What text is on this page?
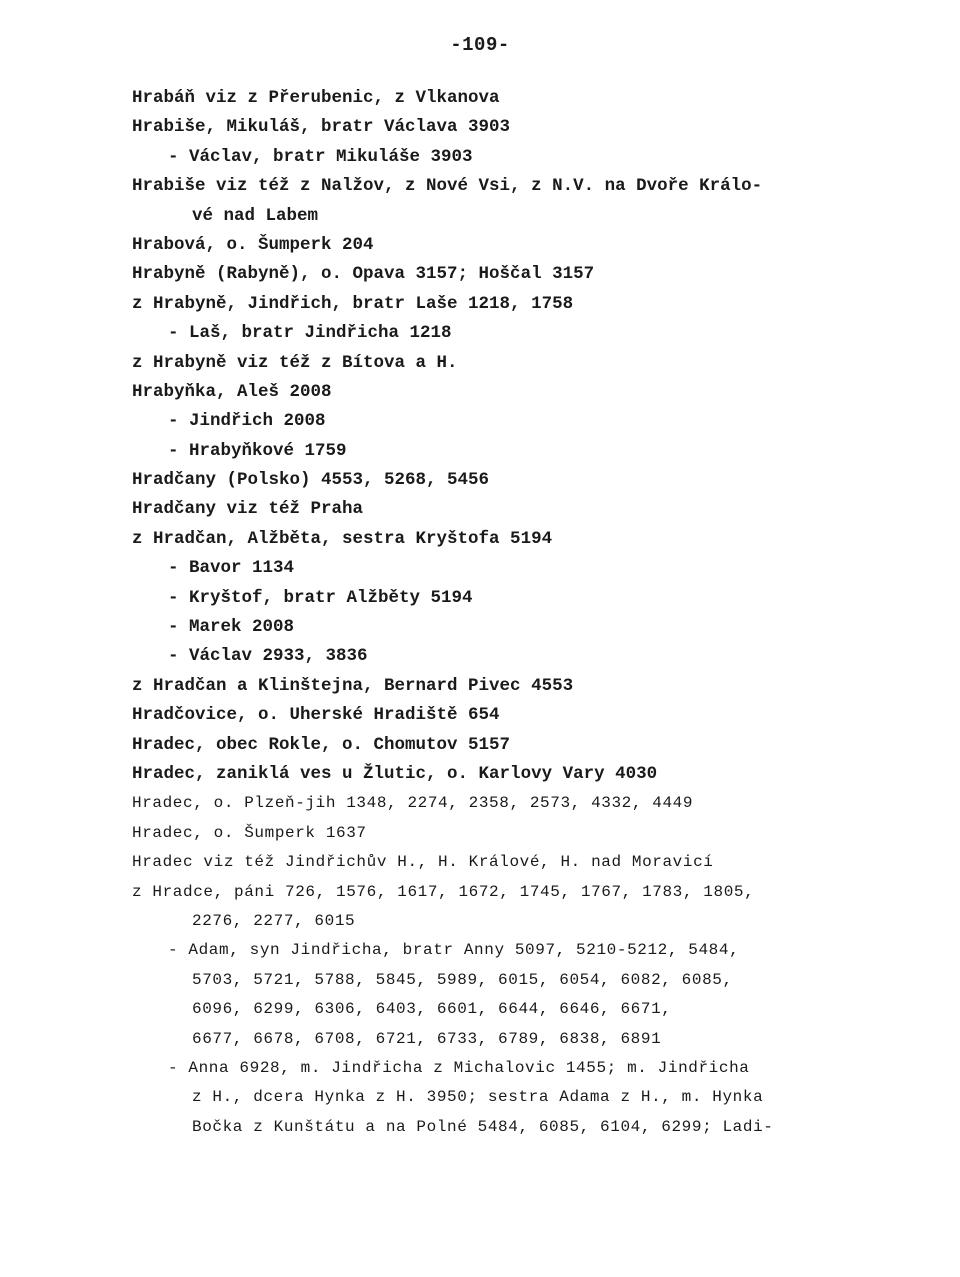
-109-
Hrabáň viz z Přerubenic, z Vlkanova
Hrabiše, Mikuláš, bratr Václava 3903
- Václav, bratr Mikuláše 3903
Hrabiše viz též z Nalžov, z Nové Vsi, z N.V. na Dvoře Králo-
vé nad Labem
Hrabová, o. Šumperk 204
Hrabyně (Rabyně), o. Opava 3157; Hoščal 3157
z Hrabyně, Jindřich, bratr Laše 1218, 1758
- Laš, bratr Jindřicha 1218
z Hrabyně viz též z Bítova a H.
Hrabyňka, Aleš 2008
- Jindřich 2008
- Hrabyňkové 1759
Hradčany (Polsko) 4553, 5268, 5456
Hradčany viz též Praha
z Hradčan, Alžběta, sestra Kryštofa 5194
- Bavor 1134
- Kryštof, bratr Alžběty 5194
- Marek 2008
- Václav 2933, 3836
z Hradčan a Klinštejna, Bernard Pivec 4553
Hradčovice, o. Uherské Hradiště 654
Hradec, obec Rokle, o. Chomutov 5157
Hradec, zaniklá ves u Žlutic, o. Karlovy Vary 4030
Hradec, o. Plzeň-jih 1348, 2274, 2358, 2573, 4332, 4449
Hradec, o. Šumperk 1637
Hradec viz též Jindřichův H., H. Králové, H. nad Moravicí
z Hradce, páni 726, 1576, 1617, 1672, 1745, 1767, 1783, 1805,
2276, 2277, 6015
- Adam, syn Jindřicha, bratr Anny 5097, 5210-5212, 5484,
5703, 5721, 5788, 5845, 5989, 6015, 6054, 6082, 6085,
6096, 6299, 6306, 6403, 6601, 6644, 6646, 6671,
6677, 6678, 6708, 6721, 6733, 6789, 6838, 6891
- Anna 6928, m. Jindřicha z Michalovic 1455; m. Jindřicha
z H., dcera Hynka z H. 3950; sestra Adama z H., m. Hynka
Bočka z Kunštátu a na Polné 5484, 6085, 6104, 6299; Ladi-
